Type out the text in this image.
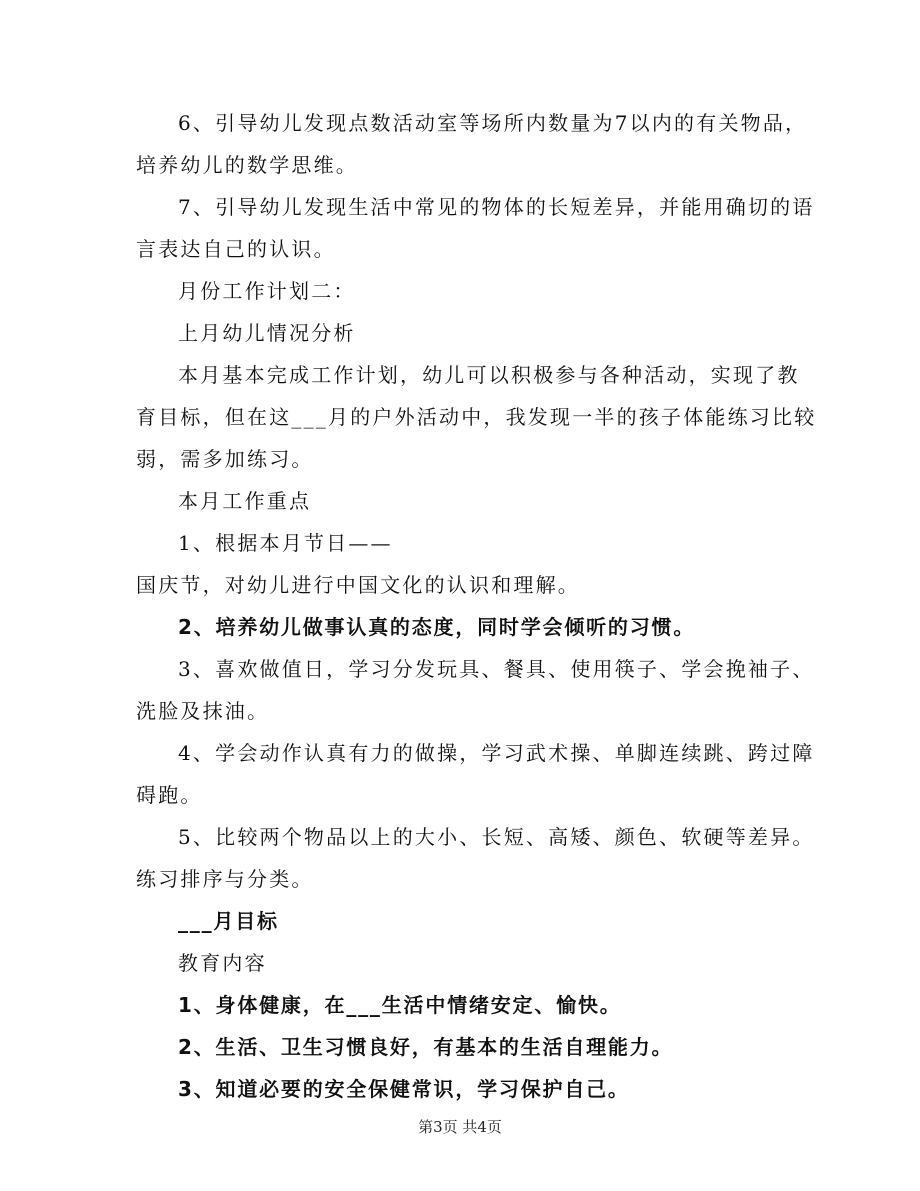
6、引导幼儿发现点数活动室等场所内数量为7以内的有关物品，
培养幼儿的数学思维。
7、引导幼儿发现生活中常见的物体的长短差异，并能用确切的语
言表达自己的认识。
月份工作计划二：
上月幼儿情况分析
本月基本完成工作计划，幼儿可以积极参与各种活动，实现了教
育目标，但在这___月的户外活动中，我发现一半的孩子体能练习比较
弱，需多加练习。
本月工作重点
1、根据本月节日——
国庆节，对幼儿进行中国文化的认识和理解。
2、培养幼儿做事认真的态度，同时学会倾听的习惯。
3、喜欢做值日，学习分发玩具、餐具、使用筷子、学会挽袖子、
洗脸及抹油。
4、学会动作认真有力的做操，学习武术操、单脚连续跳、跨过障
碍跑。
5、比较两个物品以上的大小、长短、高矮、颜色、软硬等差异。
练习排序与分类。
___月目标
教育内容
1、身体健康，在___生活中情绪安定、愉快。
2、生活、卫生习惯良好，有基本的生活自理能力。
3、知道必要的安全保健常识，学习保护自己。
第3页 共4页
